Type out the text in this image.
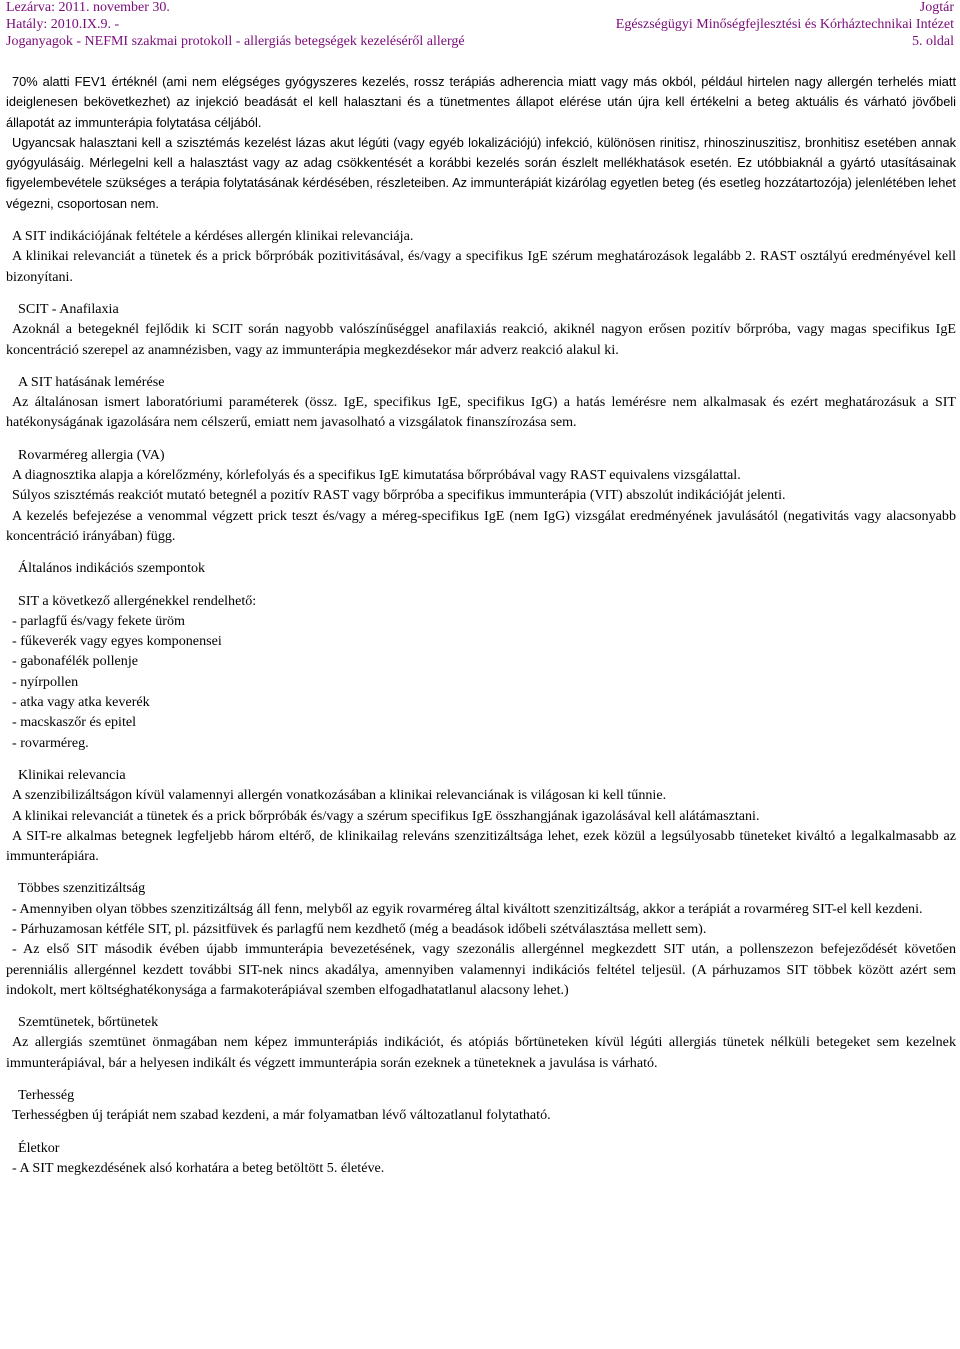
Lezárva: 2011. november 30.
Hatály: 2010.IX.9. -
Joganyagok - NEFMI szakmai protokoll - allergiás betegségek kezeléséről allergé
Jogtár
Egészségügyi Minőségfejlesztési és Kórháztechnikai Intézet
5. oldal

70% alatti FEV1 értéknél (ami nem elégséges gyógyszeres kezelés, rossz terápiás adherencia miatt vagy más okból, például hirtelen nagy allergén terhelés miatt ideiglenesen bekövetkezhet) az injekció beadását el kell halasztani és a tünetmentes állapot elérése után újra kell értékelni a beteg aktuális és várható jövőbeli állapotát az immunterápia folytatása céljából.

Ugyancsak halasztani kell a szisztémás kezelést lázas akut légúti (vagy egyéb lokalizációjú) infekció, különösen rinitisz, rhinoszinuszitisz, bronhitisz esetében annak gyógyulásáig. Mérlegelni kell a halasztást vagy az adag csökkentését a korábbi kezelés során észlelt mellékhatások esetén. Ez utóbbiaknál a gyártó utasításainak figyelembevétele szükséges a terápia folytatásának kérdésében, részleteiben. Az immunterápiát kizárólag egyetlen beteg (és esetleg hozzátartozója) jelenlétében lehet végezni, csoportosan nem.

A SIT indikációjának feltétele a kérdéses allergén klinikai relevanciája.

A klinikai relevanciát a tünetek és a prick bőrpróbák pozitivitásával, és/vagy a specifikus IgE szérum meghatározások legalább 2. RAST osztályú eredményével kell bizonyítani.

SCIT - Anafilaxia

Azoknál a betegeknél fejlődik ki SCIT során nagyobb valószínűséggel anafilaxiás reakció, akiknél nagyon erősen pozitív bőrpróba, vagy magas specifikus IgE koncentráció szerepel az anamnézisben, vagy az immunterápia megkezdésekor már adverz reakció alakul ki.

A SIT hatásának lemérése

Az általánosan ismert laboratóriumi paraméterek (össz. IgE, specifikus IgE, specifikus IgG) a hatás lemérésre nem alkalmasak és ezért meghatározásuk a SIT hatékonyságának igazolására nem célszerű, emiatt nem javasolható a vizsgálatok finanszírozása sem.

Rovarméreg allergia (VA)

A diagnosztika alapja a kórelőzmény, kórlefolyás és a specifikus IgE kimutatása bőrpróbával vagy RAST equivalens vizsgálattal.

Súlyos szisztémás reakciót mutató betegnél a pozitív RAST vagy bőrpróba a specifikus immunterápia (VIT) abszolút indikációját jelenti.

A kezelés befejezése a venommal végzett prick teszt és/vagy a méreg-specifikus IgE (nem IgG) vizsgálat eredményének javulásától (negativitás vagy alacsonyabb koncentráció irányában) függ.

Általános indikációs szempontok

SIT a következő allergénekkel rendelhető:

- parlagfű és/vagy fekete üröm

- fűkeverék vagy egyes komponensei

- gabonafélék pollenje

- nyírpollen

- atka vagy atka keverék

- macskaszőr és epitel

- rovarméreg.

Klinikai relevancia

A szenzibilizáltságon kívül valamennyi allergén vonatkozásában a klinikai relevanciának is világosan ki kell tűnnie.

A klinikai relevanciát a tünetek és a prick bőrpróbák és/vagy a szérum specifikus IgE összhangjának igazolásával kell alátámasztani.

A SIT-re alkalmas betegnek legfeljebb három eltérő, de klinikailag releváns szenzitizáltsága lehet, ezek közül a legsúlyosabb tüneteket kiváltó a legalkalmasabb az immunterápiára.

Többes szenzitizáltság

- Amennyiben olyan többes szenzitizáltság áll fenn, melyből az egyik rovarméreg által kiváltott szenzitizáltság, akkor a terápiát a rovarméreg SIT-el kell kezdeni.

- Párhuzamosan kétféle SIT, pl. pázsitfüvek és parlagfű nem kezdhető (még a beadások időbeli szétválasztása mellett sem).

- Az első SIT második évében újabb immunterápia bevezetésének, vagy szezonális allergénnel megkezdett SIT után, a pollenszezon befejeződését követően perenniális allergénnel kezdett további SIT-nek nincs akadálya, amennyiben valamennyi indikációs feltétel teljesül. (A párhuzamos SIT többek között azért sem indokolt, mert költséghatékonysága a farmakoterápiával szemben elfogadhatatlanul alacsony lehet.)

Szemtünetek, bőrtünetek

Az allergiás szemtünet önmagában nem képez immunterápiás indikációt, és atópiás bőrtüneteken kívül légúti allergiás tünetek nélküli betegeket sem kezelnek immunterápiával, bár a helyesen indikált és végzett immunterápia során ezeknek a tüneteknek a javulása is várható.

Terhesség

Terhességben új terápiát nem szabad kezdeni, a már folyamatban lévő változatlanul folytatható.

Életkor

- A SIT megkezdésének alsó korhatára a beteg betöltött 5. életéve.
